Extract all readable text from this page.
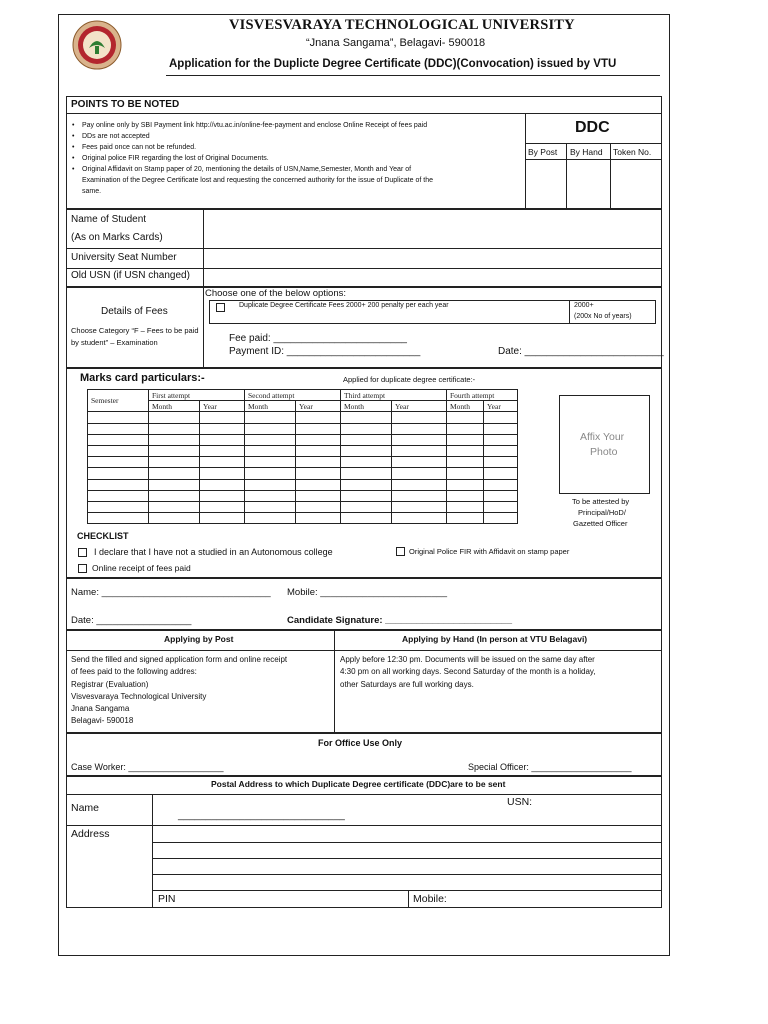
VISVESVARAYA TECHNOLOGICAL UNIVERSITY
“Jnana Sangama”, Belagavi- 590018
Application for the Duplicte Degree Certificate (DDC)(Convocation) issued by VTU
POINTS TO BE NOTED
• Pay online only by SBI Payment link http://vtu.ac.in/online-fee-payment and enclose Online Receipt of fees paid
• DDs are not accepted
• Fees paid once can not be refunded.
• Original police FIR regarding the lost of Original Documents.
• Original Affidavit on Stamp paper of 20, mentioning the details of USN,Name,Semester, Month and Year of
Examination of the Degree Certificate lost and requesting the concerned authority for the issue of Duplicate of the
same.
DDC
By Post By Hand Token No.
Name of Student
(As on Marks Cards)
University Seat Number
Old USN (if USN changed)
Details of Fees
Choose Category “F – Fees to be paid by student” – Examination
Choose one of the below options:
Duplicate Degree Certificate Fees 2000+ 200 penalty per each year	2000+
(200x No of years)
Fee paid: ________________________
Payment ID: ________________________	Date: _________________________
Marks card particulars:-	Applied for duplicate degree certificate:-
Semester	First attempt		Second attempt		Third attempt		Fourth attempt	
	Month	Year	Month	Year	Month	Year	Month	Year

Affix Your
Photo
To be attested by
Principal/HoD/
Gazetted Officer
CHECKLIST
I declare that I have not a studied in an Autonomous college	Original Police FIR with Affidavit on stamp paper
Online receipt of fees paid
Name: ________________________________ Mobile: ________________________
Date: __________________	Candidate Signature: ________________________
Applying by Post	Applying by Hand (In person at VTU Belagavi)
Send the filled and signed application form and online receipt
of fees paid to the following addres:
Registrar (Evaluation)
Visvesvaraya Technological University
Jnana Sangama
Belagavi- 590018
Apply before 12:30 pm. Documents will be issued on the same day after
4:30 pm on all working days. Second Saturday of the month is a holiday,
other Saturdays are full working days.
For Office Use Only
Case Worker: ___________________	Special Officer: ____________________
Postal Address to which Duplicate Degree certificate (DDC)are to be sent
Name
______________________________
USN:
Address
PIN	Mobile:
